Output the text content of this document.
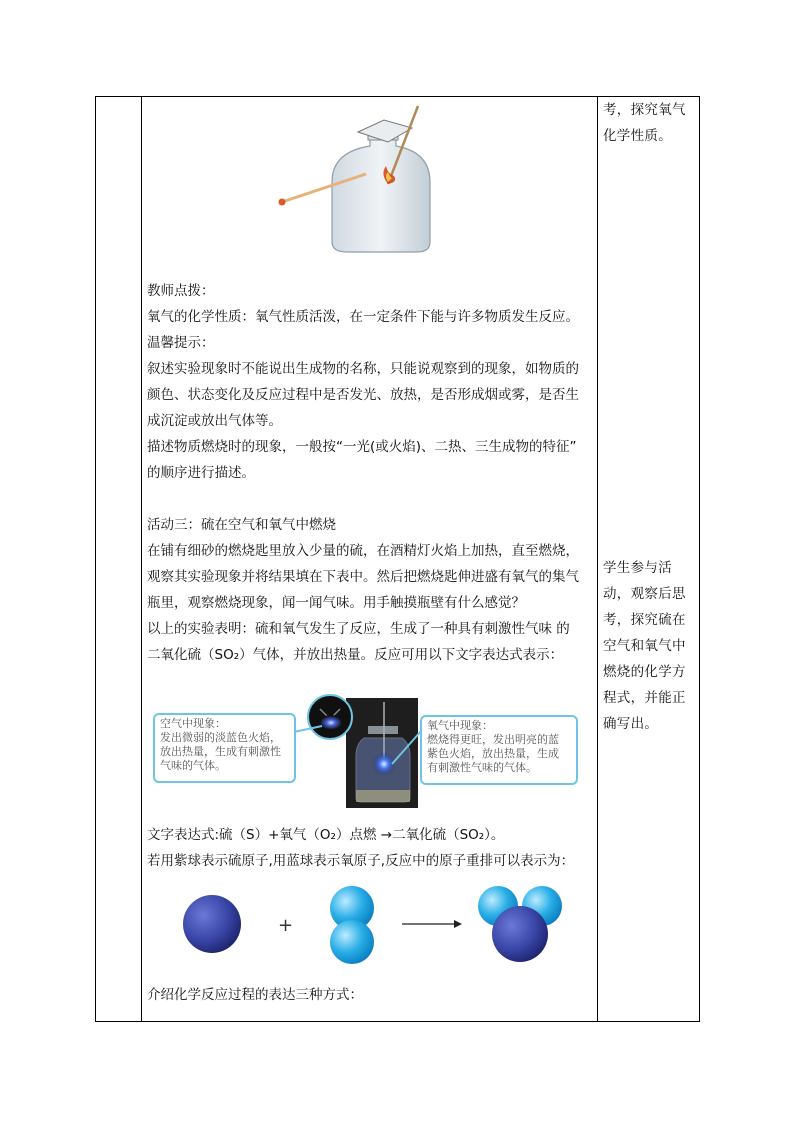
考，探究氧气
化学性质。
学生参与活
动，观察后思
考，探究硫在
空气和氧气中
燃烧的化学方
程式，并能正
确写出。
教师点拨：
氧气的化学性质：氧气性质活泼，在一定条件下能与许多物质发生反应。
温馨提示：
叙述实验现象时不能说出生成物的名称，只能说观察到的现象，如物质的
颜色、状态变化及反应过程中是否发光、放热，是否形成烟或雾，是否生
成沉淀或放出气体等。
描述物质燃烧时的现象，一般按“一光(或火焰)、二热、三生成物的特征”
的顺序进行描述。
活动三：硫在空气和氧气中燃烧
在铺有细砂的燃烧匙里放入少量的硫，在酒精灯火焰上加热，直至燃烧，
观察其实验现象并将结果填在下表中。然后把燃烧匙伸进盛有氧气的集气
瓶里，观察燃烧现象，闻一闻气味。用手触摸瓶壁有什么感觉？
以上的实验表明：硫和氧气发生了反应，生成了一种具有刺激性气味 的
二氧化硫（SO₂）气体，并放出热量。反应可用以下文字表达式表示：
空气中现象：
发出微弱的淡蓝色火焰，
放出热量，生成有刺激性
气味的气体。
氧气中现象：
燃烧得更旺，发出明亮的蓝
紫色火焰，放出热量，生成
有刺激性气味的气体。
文字表达式:硫（S）+氧气（O₂）点燃 →二氧化硫（SO₂）。
若用紫球表示硫原子,用蓝球表示氧原子,反应中的原子重排可以表示为：
介绍化学反应过程的表达三种方式：
+
